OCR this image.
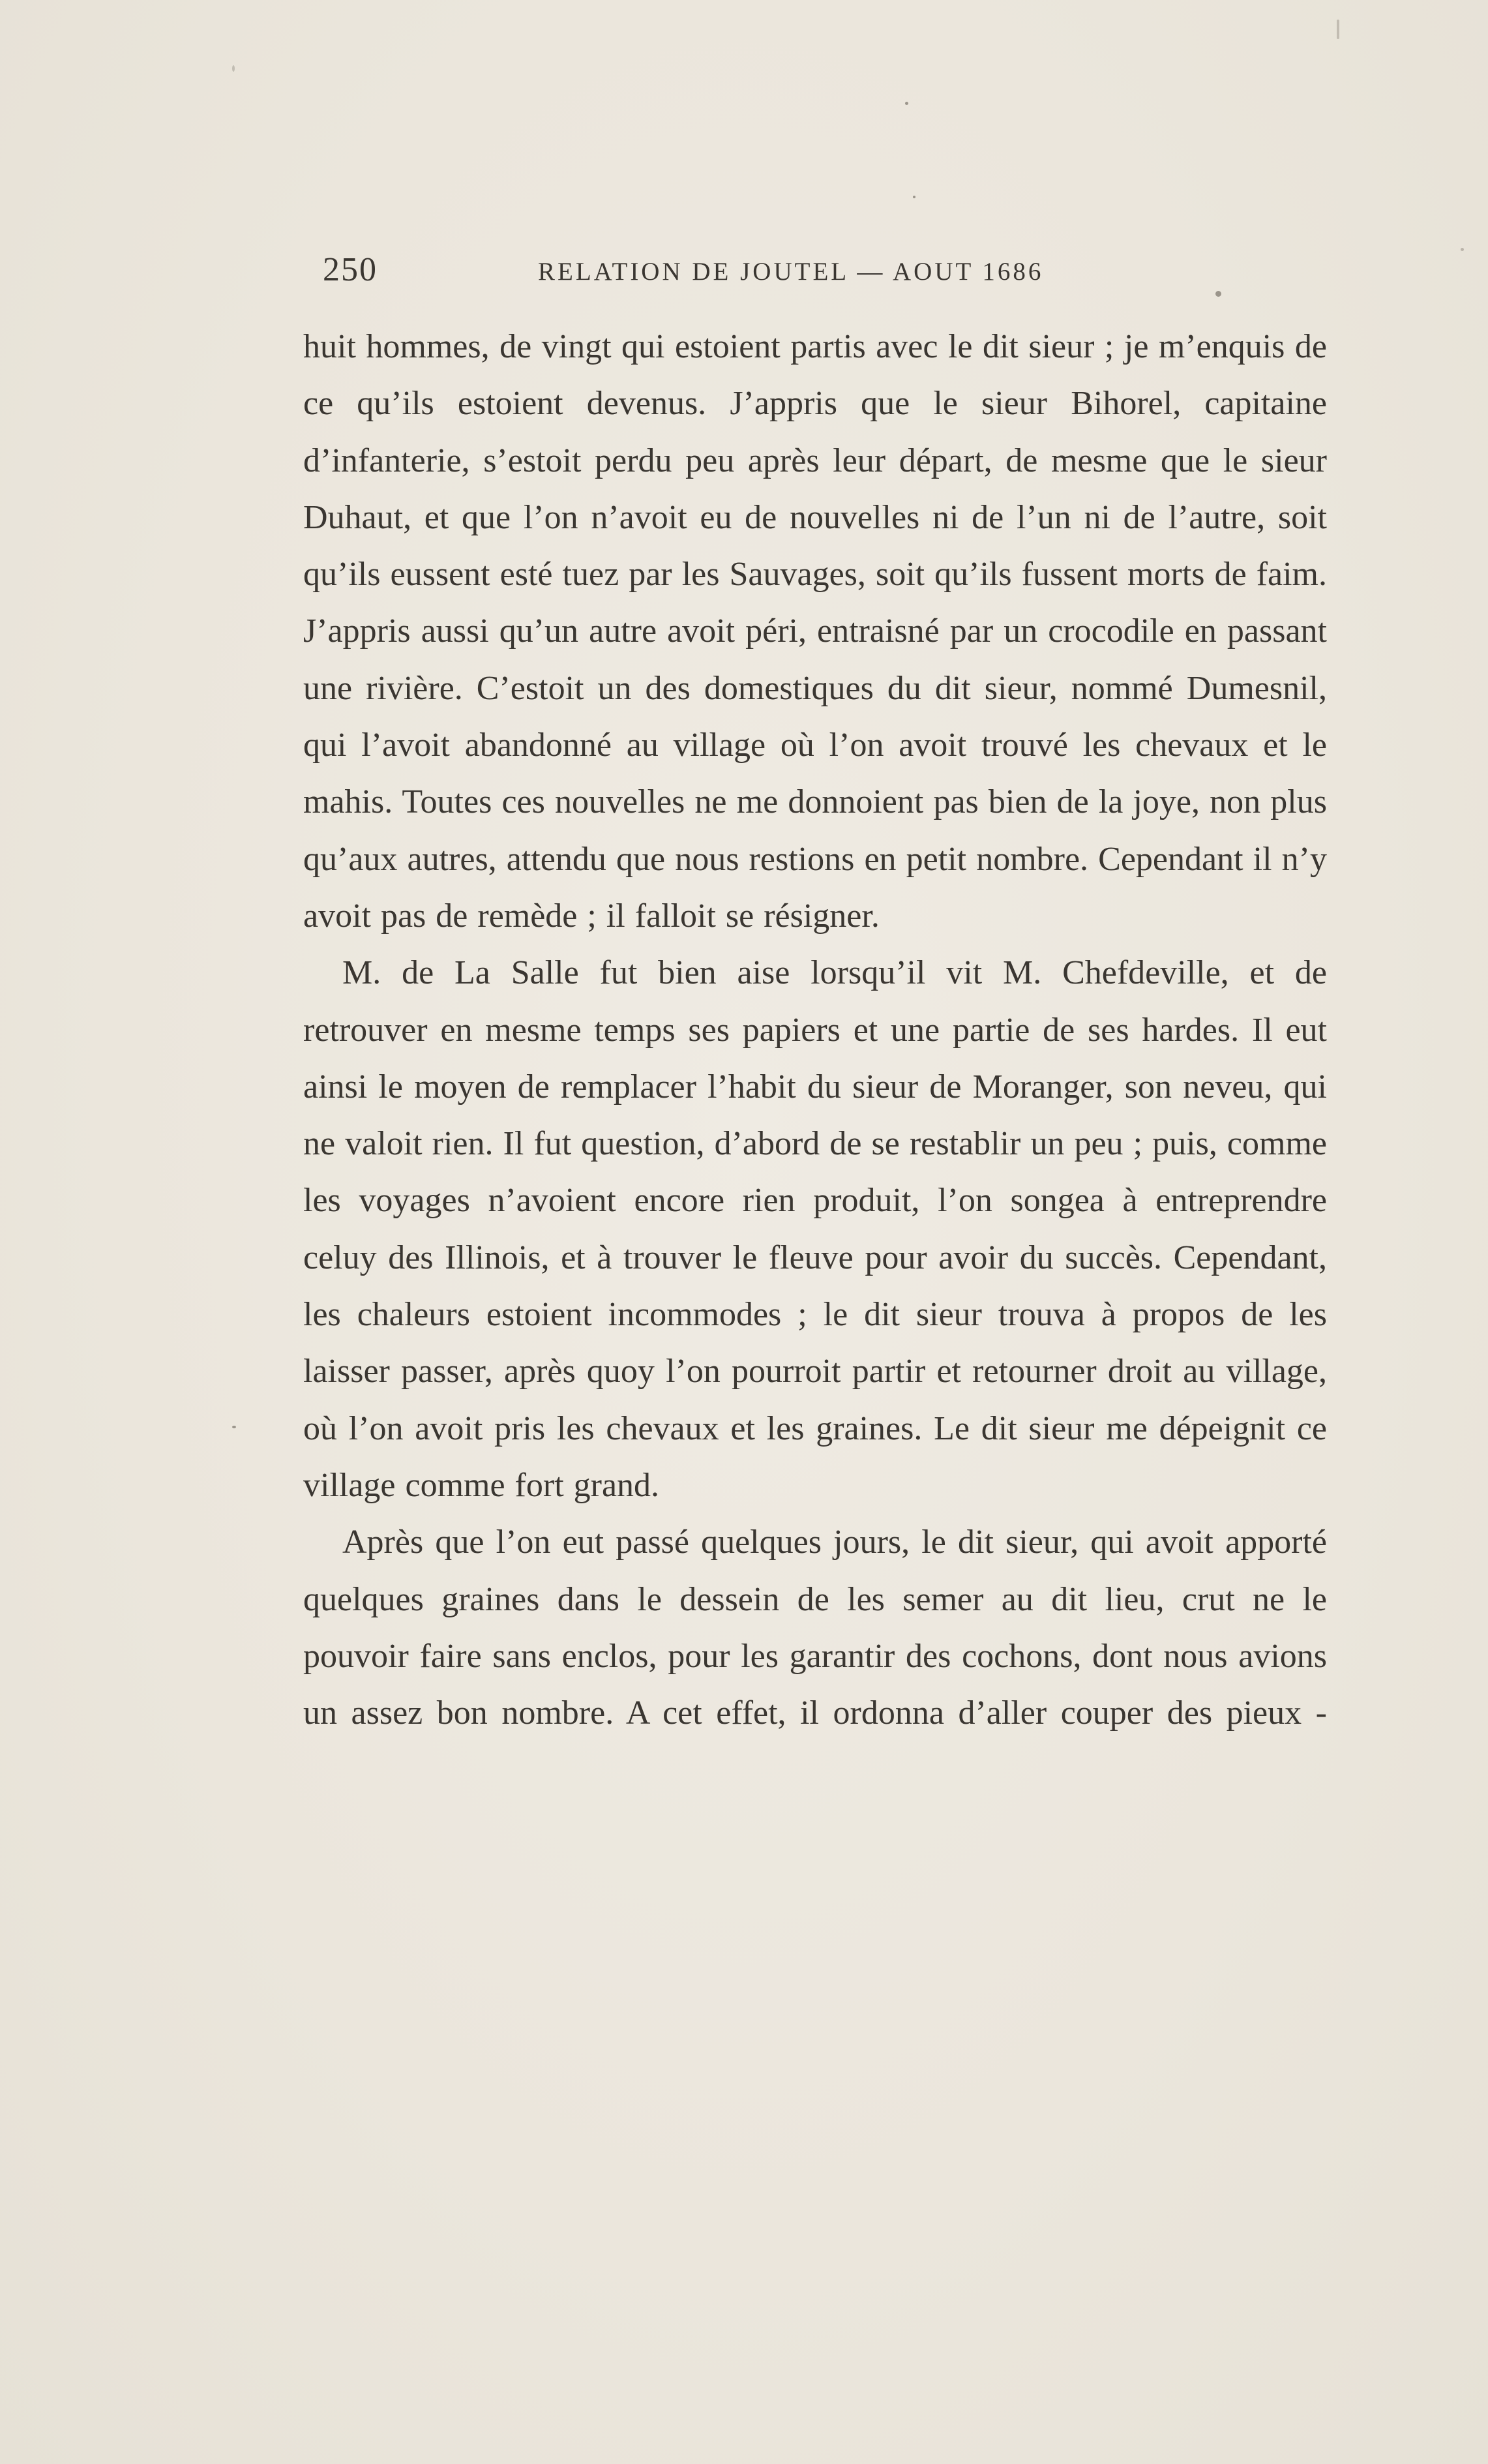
250	RELATION DE JOUTEL — AOUT 1686

huit hommes, de vingt qui estoient partis avec le dit sieur ; je m’enquis de ce qu’ils estoient devenus. J’appris que le sieur Bihorel, capitaine d’infanterie, s’estoit perdu peu après leur départ, de mesme que le sieur Duhaut, et que l’on n’avoit eu de nouvelles ni de l’un ni de l’autre, soit qu’ils eussent esté tuez par les Sauvages, soit qu’ils fussent morts de faim. J’appris aussi qu’un autre avoit péri, entraisné par un crocodile en passant une rivière. C’estoit un des domestiques du dit sieur, nommé Dumesnil, qui l’avoit abandonné au village où l’on avoit trouvé les chevaux et le mahis. Toutes ces nouvelles ne me donnoient pas bien de la joye, non plus qu’aux autres, attendu que nous restions en petit nombre. Cependant il n’y avoit pas de remède ; il falloit se résigner.

M. de La Salle fut bien aise lorsqu’il vit M. Chefdeville, et de retrouver en mesme temps ses papiers et une partie de ses hardes. Il eut ainsi le moyen de remplacer l’habit du sieur de Moranger, son neveu, qui ne valoit rien. Il fut question, d’abord de se restablir un peu ; puis, comme les voyages n’avoient encore rien produit, l’on songea à entreprendre celuy des Illinois, et à trouver le fleuve pour avoir du succès. Cependant, les chaleurs estoient incommodes ; le dit sieur trouva à propos de les laisser passer, après quoy l’on pourroit partir et retourner droit au village, où l’on avoit pris les chevaux et les graines. Le dit sieur me dépeignit ce village comme fort grand.

Après que l’on eut passé quelques jours, le dit sieur, qui avoit apporté quelques graines dans le dessein de les semer au dit lieu, crut ne le pouvoir faire sans enclos, pour les garantir des cochons, dont nous avions un assez bon nombre. A cet effet, il ordonna d’aller couper des pieux -
